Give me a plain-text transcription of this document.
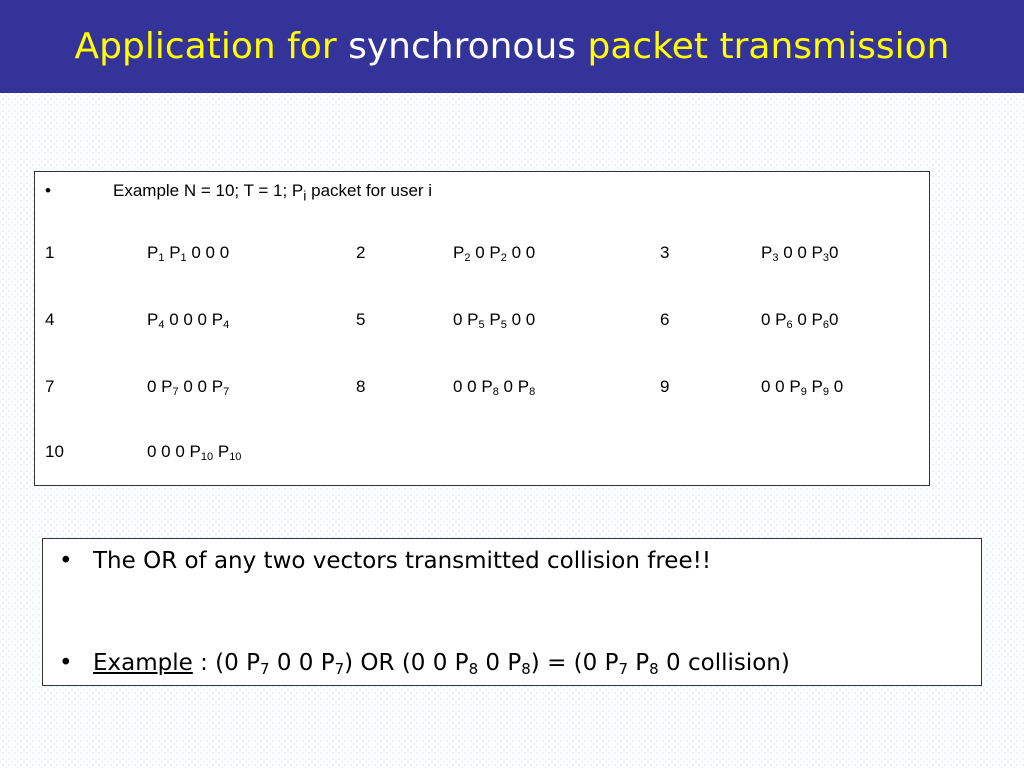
Application for synchronous packet transmission
•	Example N = 10; T = 1; $P_i$ packet for user i
1	$P_1$ $P_1$ 0 0 0	2	$P_2$ 0 $P_2$ 0 0	3	$P_3$ 0 0 $P_30$
4	$P_4$ 0 0 0 $P_4$	5	0 $P_5$ $P_5$ 0 0	6	0 $P_6$ 0 $P_60$
7	0 $P_7$ 0 0 $P_7$	8	0 0 $P_8$ 0 $P_8$	9	0 0 $P_9$ $P_9$ 0
10	0 0 0 $P_{10}$ $P_{10}$
• The OR of any two vectors transmitted collision free!!
• Example : (0 $P_7$ 0 0 $P_7$) OR (0 0 $P_8$ 0 $P_8) = (0$ $P_7$ $P_8$ 0 collision)
